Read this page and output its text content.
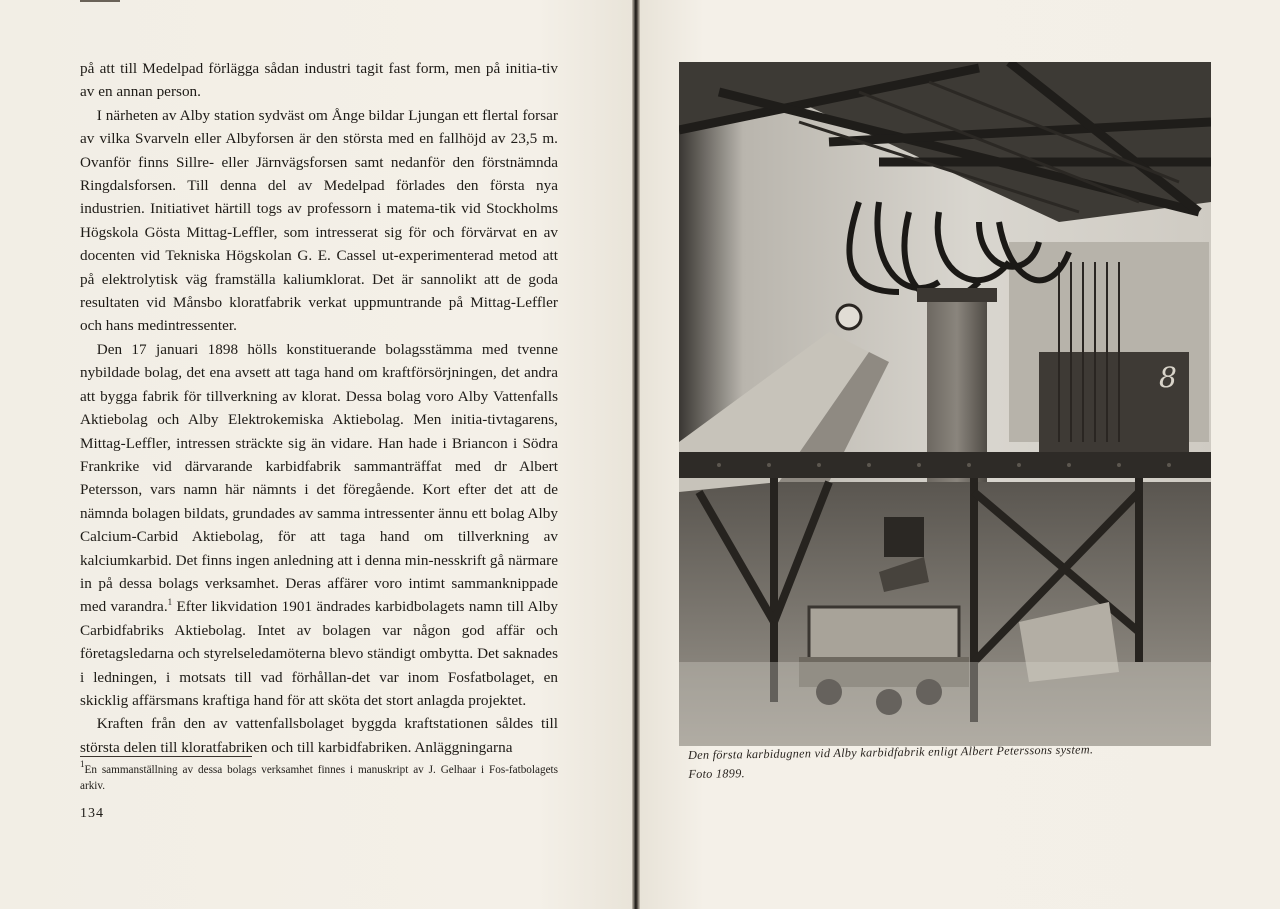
på att till Medelpad förlägga sådan industri tagit fast form, men på initia-tiv av en annan person.

I närheten av Alby station sydväst om Ånge bildar Ljungan ett flertal forsar av vilka Svarveln eller Albyforsen är den största med en fallhöjd av 23,5 m. Ovanför finns Sillre- eller Järnvägsforsen samt nedanför den förstnämnda Ringdalsforsen. Till denna del av Medelpad förlades den första nya industrien. Initiativet härtill togs av professorn i matema-tik vid Stockholms Högskola Gösta Mittag-Leffler, som intresserat sig för och förvärvat en av docenten vid Tekniska Högskolan G. E. Cassel ut-experimenterad metod att på elektrolytisk väg framställa kaliumklorat. Det är sannolikt att de goda resultaten vid Månsbo kloratfabrik verkat uppmuntrande på Mittag-Leffler och hans medintressenter.

Den 17 januari 1898 hölls konstituerande bolagsstämma med tvenne nybildade bolag, det ena avsett att taga hand om kraftförsörjningen, det andra att bygga fabrik för tillverkning av klorat. Dessa bolag voro Alby Vattenfalls Aktiebolag och Alby Elektrokemiska Aktiebolag. Men initia-tivtagarens, Mittag-Leffler, intressen sträckte sig än vidare. Han hade i Briancon i Södra Frankrike vid därvarande karbidfabrik sammanträffat med dr Albert Petersson, vars namn här nämnts i det föregående. Kort efter det att de nämnda bolagen bildats, grundades av samma intressenter ännu ett bolag Alby Calcium-Carbid Aktiebolag, för att taga hand om tillverkning av kalciumkarbid. Det finns ingen anledning att i denna min-nesskrift gå närmare in på dessa bolags verksamhet. Deras affärer voro intimt sammanknippade med varandra.$^1$ Efter likvidation 1901 ändrades karbidbolagets namn till Alby Carbidfabriks Aktiebolag. Intet av bolagen var någon god affär och företagsledarna och styrelseledamöterna blevo ständigt ombytta. Det saknades i ledningen, i motsats till vad förhållan-det var inom Fosfatbolaget, en skicklig affärsmans kraftiga hand för att sköta det stort anlagda projektet.

Kraften från den av vattenfallsbolaget byggda kraftstationen såldes till största delen till kloratfabriken och till karbidfabriken. Anläggningarna

$^1$En sammanställning av dessa bolags verksamhet finnes i manuskript av J. Gelhaar i Fos-fatbolagets arkiv.

134
8
Den första karbidugnen vid Alby karbidfabrik enligt Albert Peterssons system.
Foto 1899.
